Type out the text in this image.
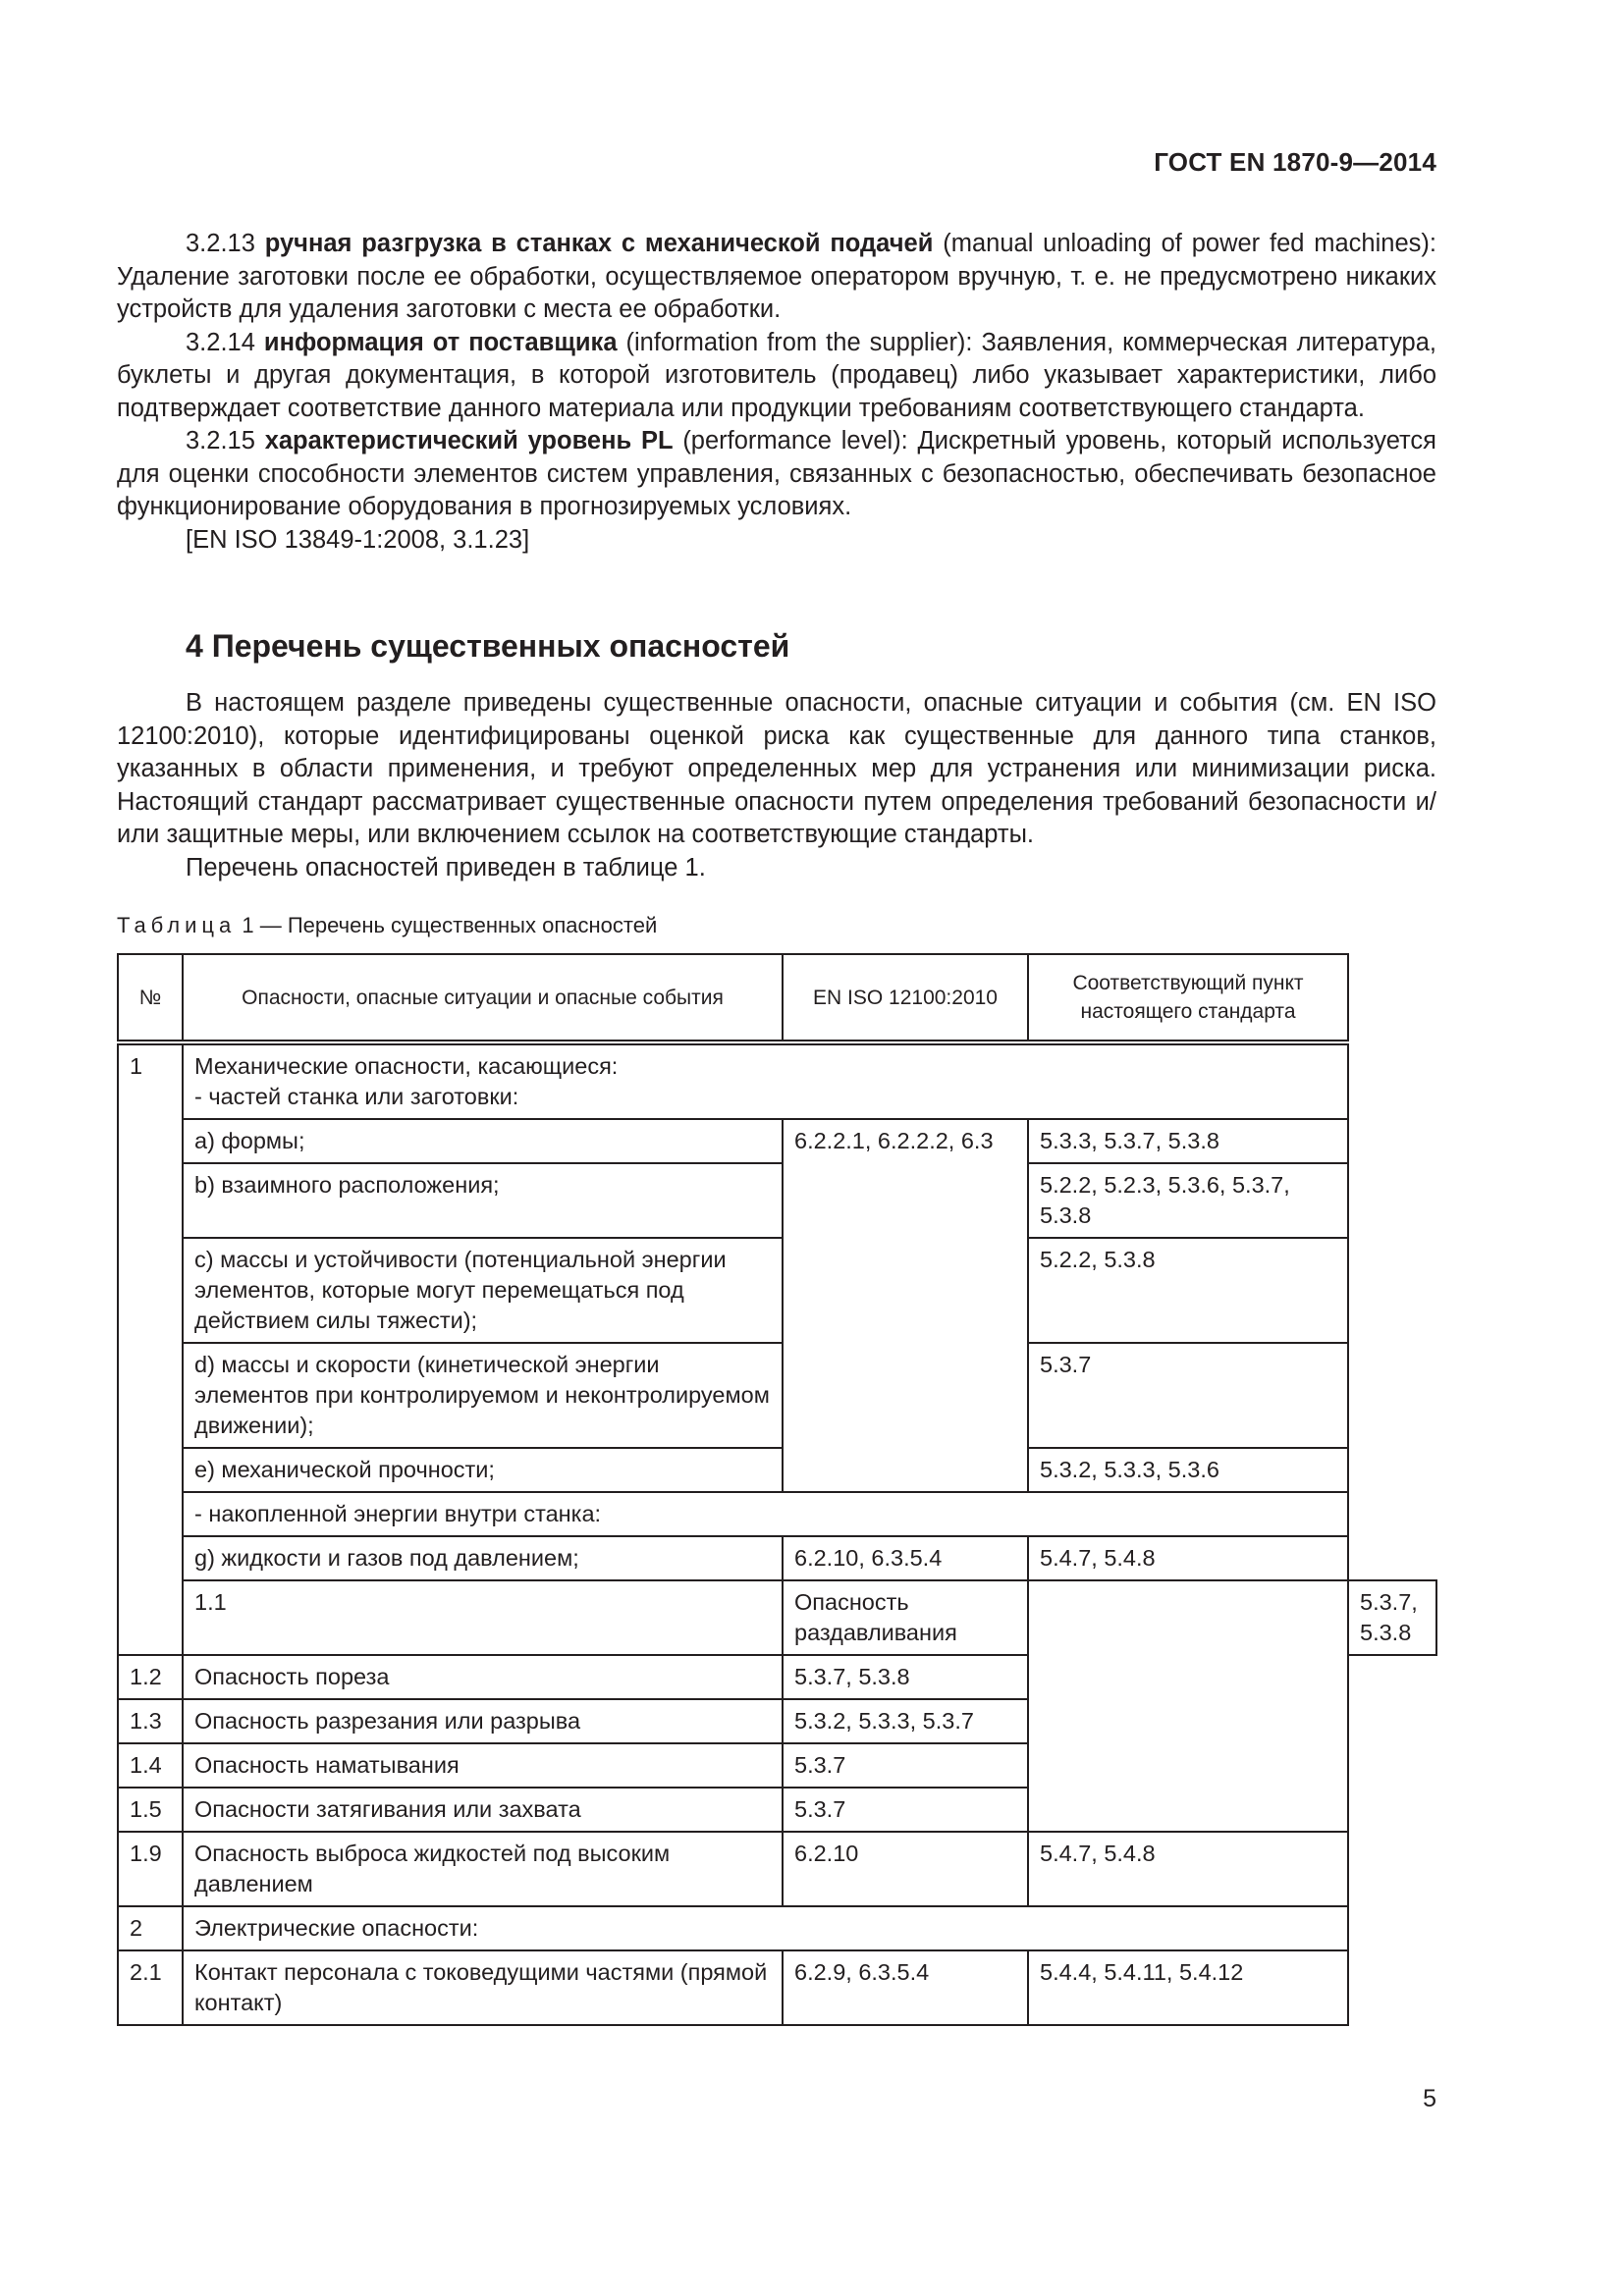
ГОСТ EN 1870-9—2014

3.2.13 ручная разгрузка в станках с механической подачей (manual unloading of power fed machines): Удаление заготовки после ее обработки, осуществляемое оператором вручную, т. е. не предусмотрено никаких устройств для удаления заготовки с места ее обработки.

3.2.14 информация от поставщика (information from the supplier): Заявления, коммерческая литература, буклеты и другая документация, в которой изготовитель (продавец) либо указывает характеристики, либо подтверждает соответствие данного материала или продукции требованиям соответствующего стандарта.

3.2.15 характеристический уровень PL (performance level): Дискретный уровень, который используется для оценки способности элементов систем управления, связанных с безопасностью, обеспечивать безопасное функционирование оборудования в прогнозируемых условиях.

[EN ISO 13849-1:2008, 3.1.23]

4 Перечень существенных опасностей

В настоящем разделе приведены существенные опасности, опасные ситуации и события (см. EN ISO 12100:2010), которые идентифицированы оценкой риска как существенные для данного типа станков, указанных в области применения, и требуют определенных мер для устранения или минимизации риска. Настоящий стандарт рассматривает существенные опасности путем определения требований безопасности и/или защитные меры, или включением ссылок на соответствующие стандарты.

Перечень опасностей приведен в таблице 1.

Таблица 1 — Перечень существенных опасностей
№	Опасности, опасные ситуации и опасные события	EN ISO 12100:2010	Соответствующий пункт настоящего стандарта	
1	Механические опасности, касающиеся:
- частей станка или заготовки:			

	а) формы;	6.2.2.1, 6.2.2.2, 6.3	5.3.3, 5.3.7, 5.3.8	
	b) взаимного расположения;		5.2.2, 5.2.3, 5.3.6, 5.3.7, 5.3.8	
	с) массы и устойчивости (потенциальной энергии элементов, которые могут перемещаться под действием силы тяжести);		5.2.2, 5.3.8	
	d) массы и скорости (кинетической энергии элементов при контролируемом и неконтролируемом движении);		5.3.7	
	е) механической прочности;		5.3.2, 5.3.3, 5.3.6	
	- накопленной энергии внутри станка:			
	g) жидкости и газов под давлением;	6.2.10, 6.3.5.4	5.4.7, 5.4.8	
	1.1	Опасность раздавливания		5.3.7, 5.3.8
1.2	Опасность пореза	5.3.7, 5.3.8		
1.3	Опасность разрезания или разрыва	5.3.2, 5.3.3, 5.3.7		
1.4	Опасность наматывания	5.3.7		
1.5	Опасности затягивания или захвата	5.3.7		
1.9	Опасность выброса жидкостей под высоким давлением	6.2.10	5.4.7, 5.4.8	
2	Электрические опасности:			
2.1	Контакт персонала с токоведущими частями (прямой контакт)	6.2.9, 6.3.5.4	5.4.4, 5.4.11, 5.4.12	
5
